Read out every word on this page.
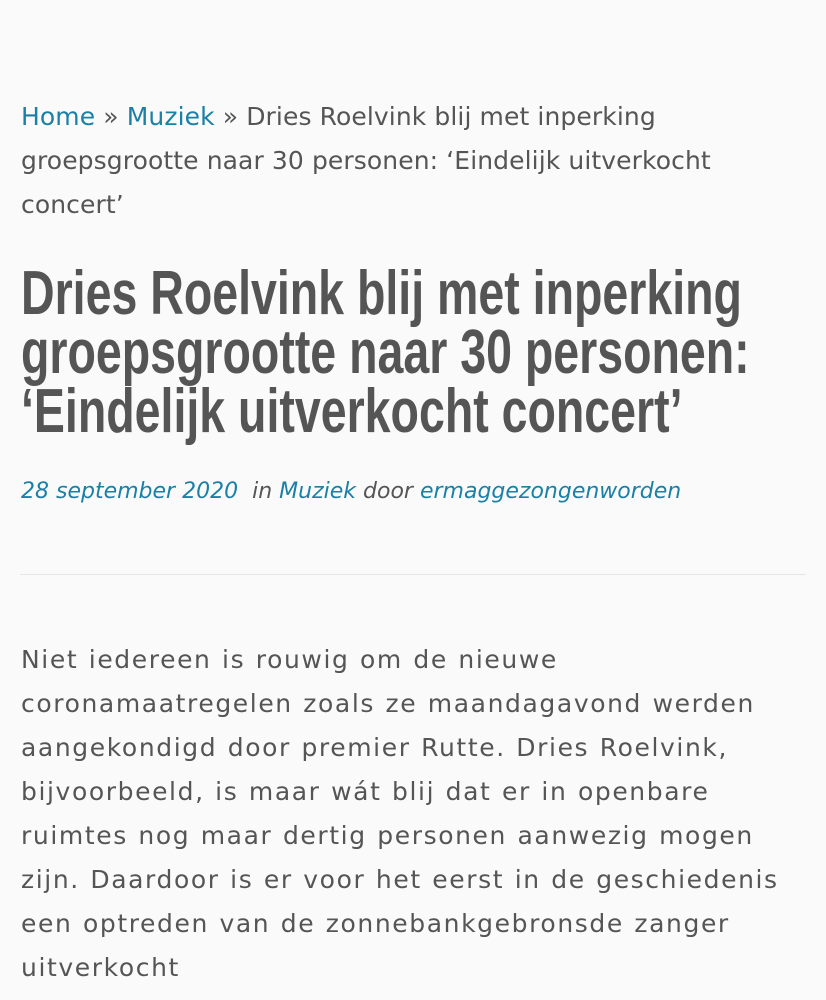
Home » Muziek » Dries Roelvink blij met inperking groepsgrootte naar 30 personen: ‘Eindelijk uitverkocht concert’
Dries Roelvink blij met inperking groepsgrootte naar 30 personen: ‘Eindelijk uitverkocht concert’
28 september 2020 in Muziek door ermaggezongenworden

Niet iedereen is rouwig om de nieuwe coronamaatregelen zoals ze maandagavond werden aangekondigd door premier Rutte. Dries Roelvink, bijvoorbeeld, is maar wát blij dat er in openbare ruimtes nog maar dertig personen aanwezig mogen zijn. Daardoor is er voor het eerst in de geschiedenis een optreden van de zonnebankgebronsde zanger uitverkocht
